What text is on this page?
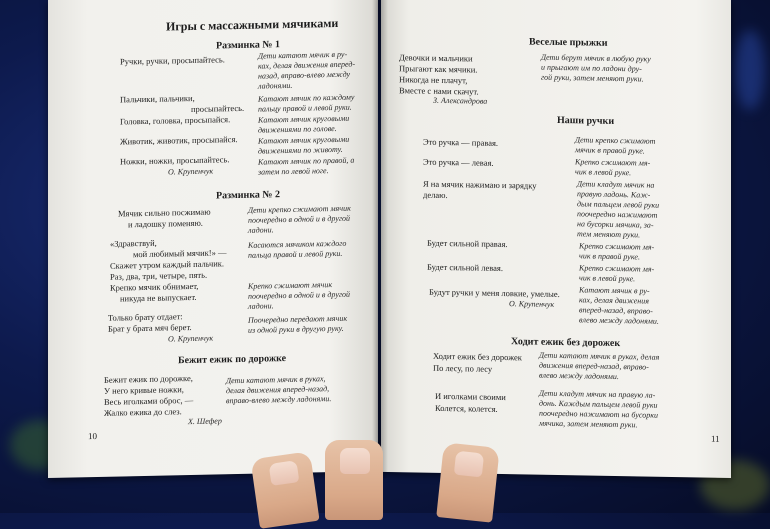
Игры с массажными мячиками
Разминка № 1
Ручки, ручки, просыпайтесь.
Пальчики, пальчики,
просыпайтесь.
Головка, головка, просыпайся.
Животик, животик, просыпайся.
Ножки, ножки, просыпайтесь.
О. Крупенчук
Дети катают мячик в ру-
ках, делая движения вперед-
назад, вправо-влево между
ладонями.
Катают мячик по каждому
пальцу правой и левой руки.
Катают мячик круговыми
движениями по голове.
Катают мячик круговыми
движениями по животу.
Катают мячик по правой, а
затем по левой ноге.
Разминка № 2
Мячик сильно посжимаю
и ладошку поменяю.
«Здравствуй,
мой любимый мячик!» —
Скажет утром каждый пальчик.
Раз, два, три, четыре, пять.
Крепко мячик обнимает,
никуда не выпускает.
Только брату отдает:
Брат у брата мяч берет.
О. Крупенчук
Дети крепко сжимают мячик
поочередно в одной и в другой
ладони.
Касаются мячиком каждого
пальца правой и левой руки.
Крепко сжимают мячик
поочередно в одной и в другой
ладони.
Поочередно передают мячик
из одной руки в другую руку.
Бежит ежик по дорожке
Бежит ежик по дорожке,
У него кривые ножки,
Весь иголками оброс, —
Жалко ежика до слез.
Х. Шефер
Дети катают мячик в руках,
делая движения вперед-назад,
вправо-влево между ладонями.
10
Веселые прыжки
Девочки и мальчики
Прыгают как мячики.
Никогда не плачут,
Вместе с нами скачут.
З. Александрова
Дети берут мячик в любую руку
и прыгают им по ладони дру-
гой руки, затем меняют руки.
Наши ручки
Это ручка — правая.
Это ручка — левая.
Я на мячик нажимаю и зарядку
делаю.
Будет сильной правая.
Будет сильной левая.
Будут ручки у меня ловкие, умелые.
О. Крупенчук
Дети крепко сжимают
мячик в правой руке.
Крепко сжимают мя-
чик в левой руке.
Дети кладут мячик на
правую ладонь. Каж-
дым пальцем левой руки
поочередно нажимают
на бусорки мячика, за-
тем меняют руки.
Крепко сжимают мя-
чик в правой руке.
Крепко сжимают мя-
чик в левой руке.
Катают мячик в ру-
ках, делая движения
вперед-назад, вправо-
влево между ладонями.
Ходит ежик без дорожек
Ходит ежик без дорожек
По лесу, по лесу
И иголками своими
Колется, колется.
Дети катают мячик в руках, делая
движения вперед-назад, вправо-
влево между ладонями.
Дети кладут мячик на правую ла-
донь. Каждым пальцем левой руки
поочередно нажимают на бусорки
мячика, затем меняют руки.
11
